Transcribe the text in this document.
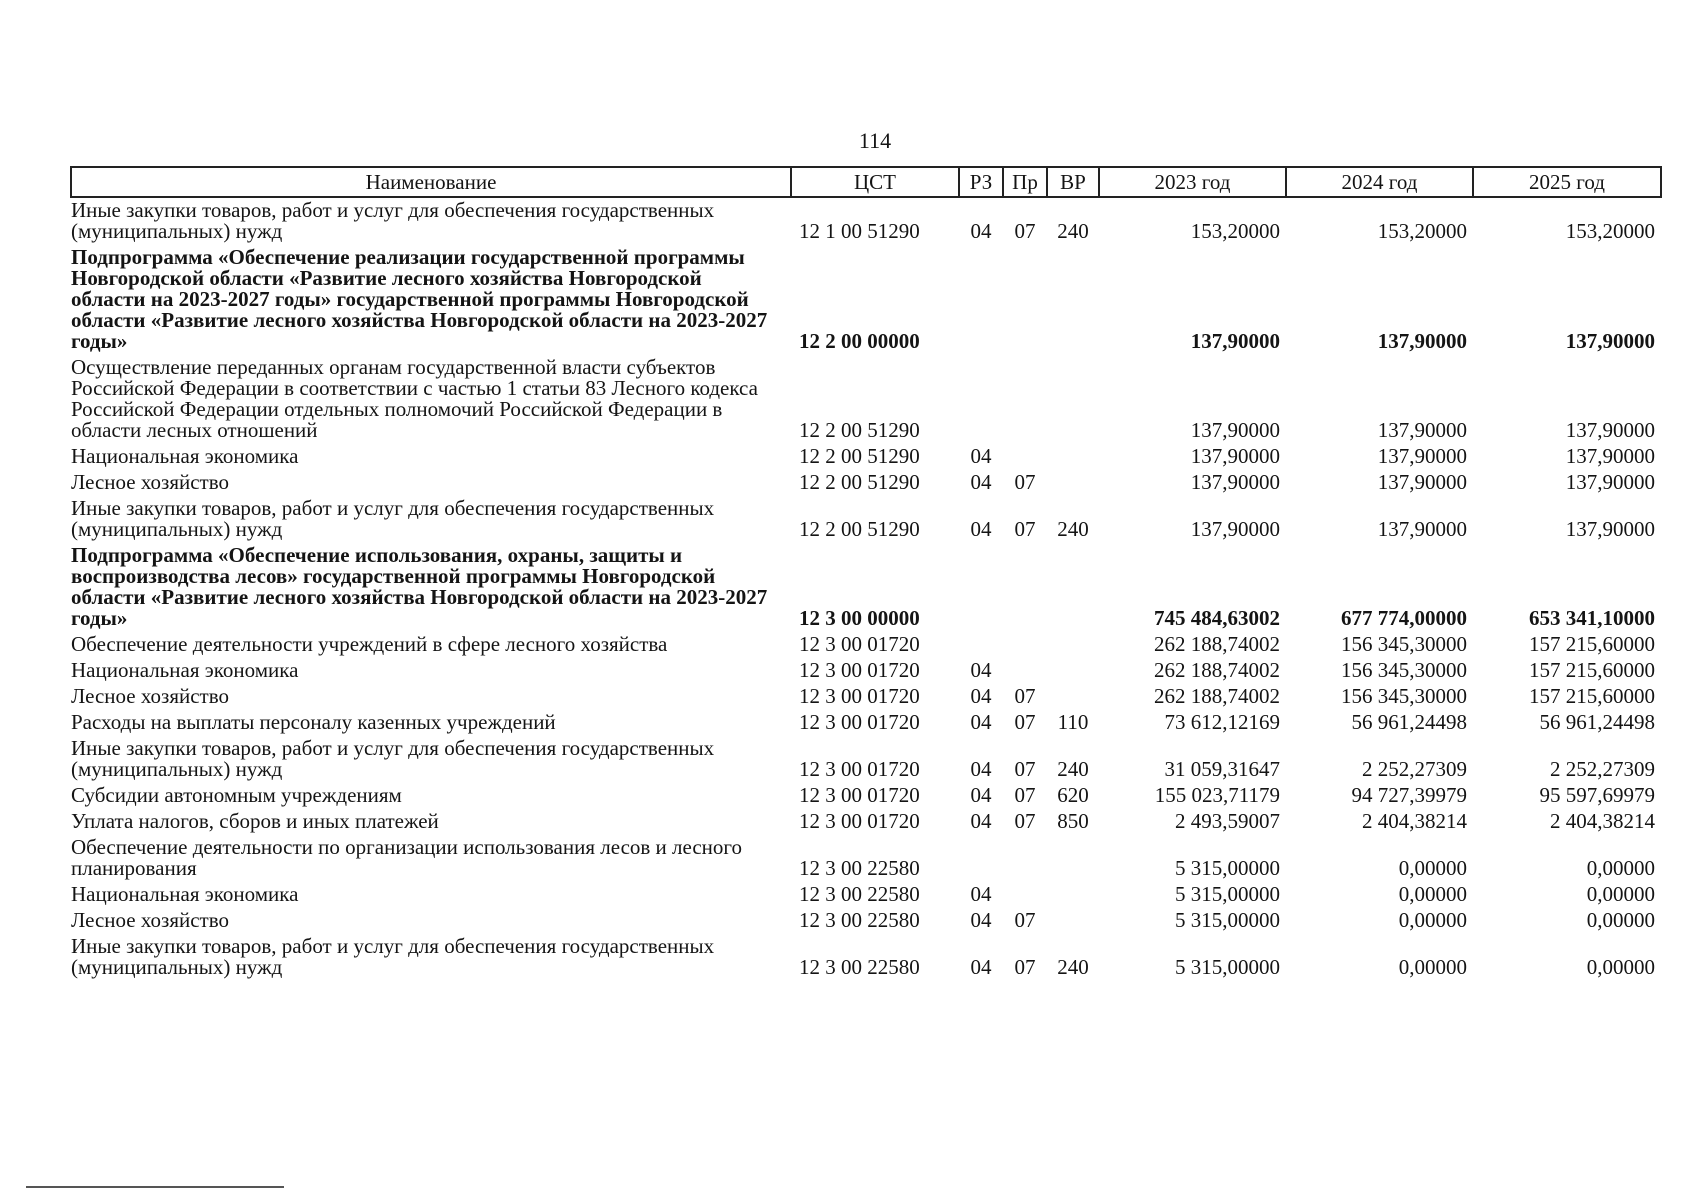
114
Наименование	ЦСТ	РЗ	Пр	ВР	2023 год	2024 год	2025 год
Иные закупки товаров, работ и услуг для обеспечения государственных (муниципальных) нужд	12 1 00 51290	04	07	240	153,20000	153,20000	153,20000
Подпрограмма «Обеспечение реализации государственной программы Новгородской области «Развитие лесного хозяйства Новгородской области на 2023-2027 годы» государственной программы Новгородской области «Развитие лесного хозяйства Новгородской области на 2023-2027 годы»	12 2 00 00000				137,90000	137,90000	137,90000
Осуществление переданных органам государственной власти субъектов Российской Федерации в соответствии с частью 1 статьи 83 Лесного кодекса Российской Федерации отдельных полномочий Российской Федерации в области лесных отношений	12 2 00 51290				137,90000	137,90000	137,90000
Национальная экономика	12 2 00 51290	04			137,90000	137,90000	137,90000
Лесное хозяйство	12 2 00 51290	04	07		137,90000	137,90000	137,90000
Иные закупки товаров, работ и услуг для обеспечения государственных (муниципальных) нужд	12 2 00 51290	04	07	240	137,90000	137,90000	137,90000
Подпрограмма «Обеспечение использования, охраны, защиты и воспроизводства лесов» государственной программы Новгородской области «Развитие лесного хозяйства Новгородской области на 2023-2027 годы»	12 3 00 00000				745 484,63002	677 774,00000	653 341,10000
Обеспечение деятельности учреждений в сфере лесного хозяйства	12 3 00 01720				262 188,74002	156 345,30000	157 215,60000
Национальная экономика	12 3 00 01720	04			262 188,74002	156 345,30000	157 215,60000
Лесное хозяйство	12 3 00 01720	04	07		262 188,74002	156 345,30000	157 215,60000
Расходы на выплаты персоналу казенных учреждений	12 3 00 01720	04	07	110	73 612,12169	56 961,24498	56 961,24498
Иные закупки товаров, работ и услуг для обеспечения государственных (муниципальных) нужд	12 3 00 01720	04	07	240	31 059,31647	2 252,27309	2 252,27309
Субсидии автономным учреждениям	12 3 00 01720	04	07	620	155 023,71179	94 727,39979	95 597,69979
Уплата налогов, сборов и иных платежей	12 3 00 01720	04	07	850	2 493,59007	2 404,38214	2 404,38214
Обеспечение деятельности по организации использования лесов и лесного планирования	12 3 00 22580				5 315,00000	0,00000	0,00000
Национальная экономика	12 3 00 22580	04			5 315,00000	0,00000	0,00000
Лесное хозяйство	12 3 00 22580	04	07		5 315,00000	0,00000	0,00000
Иные закупки товаров, работ и услуг для обеспечения государственных (муниципальных) нужд	12 3 00 22580	04	07	240	5 315,00000	0,00000	0,00000
